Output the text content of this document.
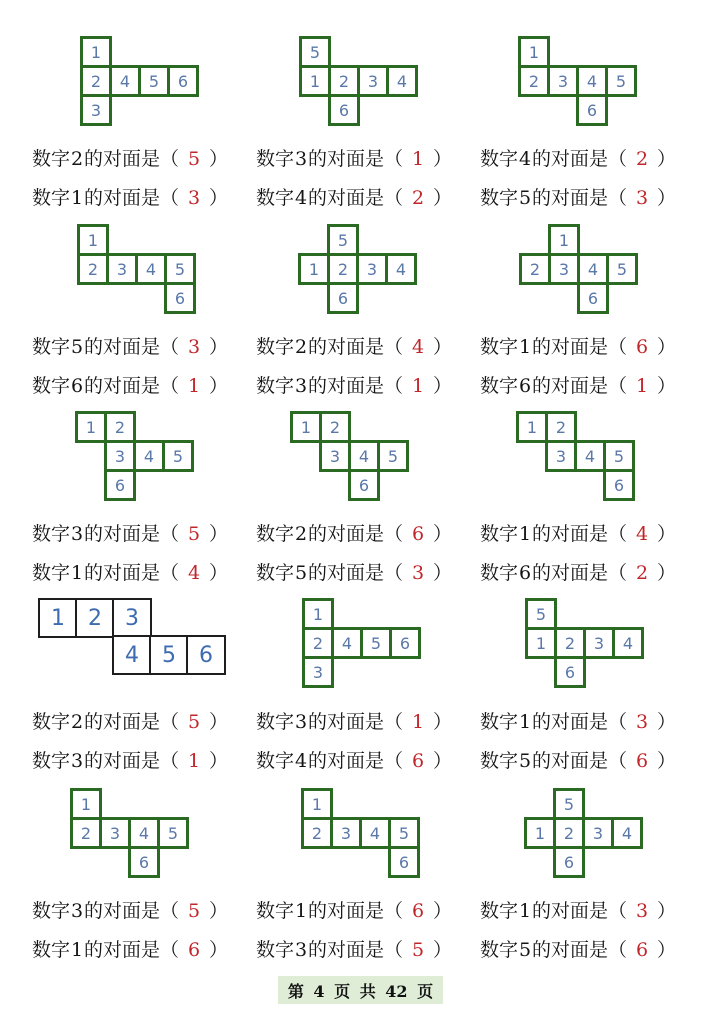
1
2	4	5	6
3
5
1	2	3	4
6
1
2	3	4	5
6
1
2	3	4	5
6
5
1	2	3	4
6
1
2	3	4	5
6
1	2
3	4	5
6
1	2
3	4	5
6
1	2
3	4	5
6
1	2	3
4	5	6
1
2	4	5	6
3
5
1	2	3	4
6
1
2	3	4	5
6
1
2	3	4	5
6
5
1	2	3	4
6
数字2的对面是（ 5 ） 数字3的对面是（ 1 ） 数字4的对面是（ 2 ）
数字1的对面是（ 3 ） 数字4的对面是（ 2 ） 数字5的对面是（ 3 ）
数字5的对面是（ 3 ） 数字2的对面是（ 4 ） 数字1的对面是（ 6 ）
数字6的对面是（ 1 ） 数字3的对面是（ 1 ） 数字6的对面是（ 1 ）
数字3的对面是（ 5 ） 数字2的对面是（ 6 ） 数字1的对面是（ 4 ）
数字1的对面是（ 4 ） 数字5的对面是（ 3 ） 数字6的对面是（ 2 ）
数字2的对面是（ 5 ） 数字3的对面是（ 1 ） 数字1的对面是（ 3 ）
数字3的对面是（ 1 ） 数字4的对面是（ 6 ） 数字5的对面是（ 6 ）
数字3的对面是（ 5 ） 数字1的对面是（ 6 ） 数字1的对面是（ 3 ）
数字1的对面是（ 6 ） 数字3的对面是（ 5 ） 数字5的对面是（ 6 ）
第 4 页 共 42 页
